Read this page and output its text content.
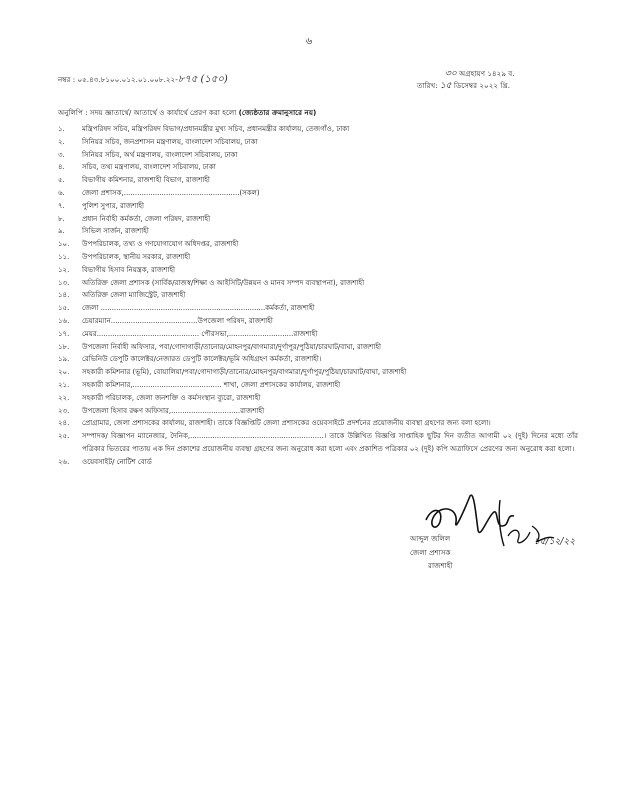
৬
নম্বর : ০৫.৪৩.৮১০০.০১২.০১.০০৮.২২-৮৭৫ (১৫০)	৩০ অগ্রহায়ণ ১৪২৯ ব.
তারিখ: ১৫ ডিসেম্বর ২০২২ খ্রি.
অনুলিপি : সদয় জ্ঞাতার্থে/ আতার্থে ও কার্যার্থে প্রেরণ করা হলো (জ্যেষ্ঠতার ক্রমানুসারে নয়)
১.	মন্ত্রিপরিষদ সচিব, মন্ত্রিপরিষদ বিভাগ/প্রধানমন্ত্রীর মুখ্য সচিব, প্রধানমন্ত্রীর কার্যালয়, তেজগাঁও, ঢাকা
২.	সিনিয়র সচিব, জনপ্রশাসন মন্ত্রণালয়, বাংলাদেশ সচিবালয়, ঢাকা
৩.	সিনিয়র সচিব, অর্থ মন্ত্রণালয়, বাংলাদেশ সচিবালয়, ঢাকা
৪.	সচিব, তথ্য মন্ত্রণালয়, বাংলাদেশ সচিবালয়, ঢাকা
৫.	বিভাগীয় কমিশনার, রাজশাহী বিভাগ, রাজশাহী
৬.	জেলা প্রশাসক,....................................................(সকল)
৭.	পুলিশ সুপার, রাজশাহী
৮.	প্রধান নির্বাহী কর্মকর্তা, জেলা পরিষদ, রাজশাহী
৯.	সিভিল সার্জন, রাজশাহী
১০.	উপপরিচালক, তথ্য ও গণযোগাযোগ অধিদপ্তর, রাজশাহী
১১.	উপপরিচালক, স্থানীয় সরকার, রাজশাহী
১২.	বিভাগীয় হিসাব নিয়ন্ত্রক, রাজশাহী
১৩.	অতিরিক্ত জেলা প্রশাসক (সার্বিক/রাজস্ব/শিক্ষা ও আইসিটি/উন্নয়ন ও মানব সম্পদ ব্যবস্থাপনা), রাজশাহী
১৪.	অতিরিক্ত জেলা ম্যাজিস্ট্রেট, রাজশাহী
১৫.	জেলা ..........................................................................কর্মকর্তা, রাজশাহী
১৬.	চেয়ারম্যান.......................................উপজেলা পরিষদ, রাজশাহী
১৭.	মেয়র.............................................. পৌরসভা,.............................রাজশাহী
১৮.	উপজেলা নির্বাহী অফিসার, পবা/গোদাগাড়ী/তানোর/মোহনপুর/বাগমারা/দুর্গাপুর/পুঠিয়া/চারঘাট/বাঘা, রাজশাহী
১৯.	রেভিনিউ ডেপুটি কালেক্টর/নেজারত ডেপুটি কালেক্টর/ভূমি অধিগ্রহণ কর্মকর্তা, রাজশাহী।
২০.	সহকারী কমিশনার (ভূমি), বোয়ালিয়া/পবা/গোদাগাড়ী/তানোর/মোহনপুর/বাগমারা/দুর্গাপুর/পুঠিয়া/চারঘাট/বাঘা, রাজশাহী
২১.	সহকারী কমিশনার,........................................ শাখা, জেলা প্রশাসকের কার্যালয়, রাজশাহী
২২.	সহকারী পরিচালক, জেলা জনশক্তি ও কর্মসংস্থান ব্যুরো, রাজশাহী
২৩.	উপজেলা হিসাব রক্ষণ অফিসার,...............................রাজশাহী
২৪.	প্রোগ্রামার, জেলা প্রশাসকের কার্যালয়, রাজশাহী। তাকে বিজ্ঞপ্তিটি জেলা প্রশাসকের ওয়েবসাইটে প্রদর্শনের প্রয়োজনীয় ব্যবস্থা গ্রহণের জন্য বলা হলো।
২৫.	সম্পাদক/ বিজ্ঞাপন ম্যানেজার, দৈনিক,............................................................। তাকে উল্লিখিত বিজ্ঞপ্তি সাপ্তাহিক ছুটির দিন ব্যতীত আগামী ০২ (দুই) দিনের মধ্যে তাঁর পত্রিকার ভিতরের পাতায় এক দিন প্রকাশের প্রয়োজনীয় ব্যবস্থা গ্রহণের জন্য অনুরোধ করা হলো এবং প্রকাশিত পত্রিকার ০২ (দুই) কপি অত্রাফিসে প্রেরণের জন্য অনুরোধ করা হলো।
২৬.	ওয়েবসাইট/ নোটিশ বোর্ড
১৫/১২/২২
আব্দুল জলিল
জেলা প্রশাসক
রাজশাহী
